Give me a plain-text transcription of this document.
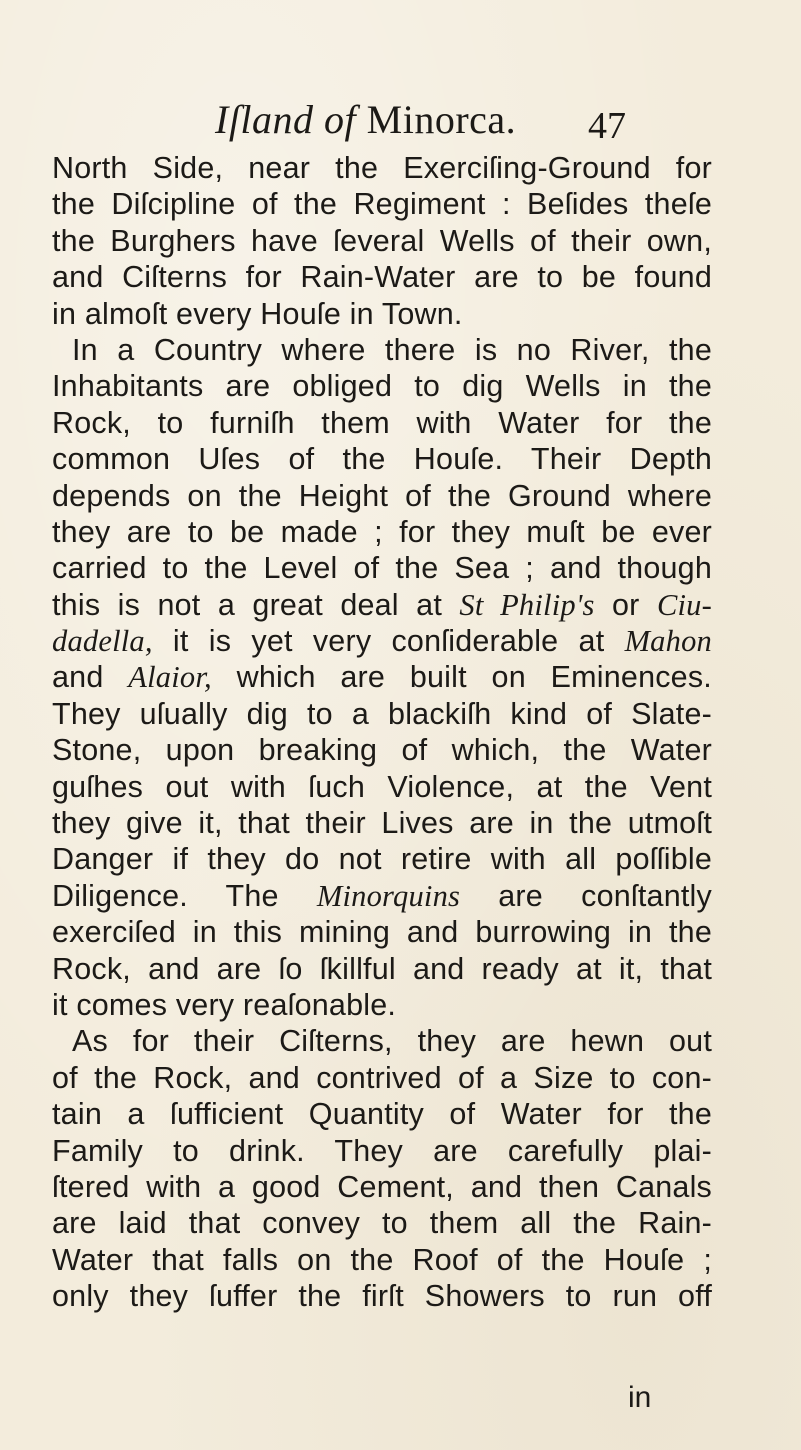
Iſland of Minorca. 47
North Side, near the Exerciſing-Ground for
the Diſcipline of the Regiment : Beſides theſe
the Burghers have ſeveral Wells of their own,
and Ciſterns for Rain-Water are to be found
in almoſt every Houſe in Town.
In a Country where there is no River, the
Inhabitants are obliged to dig Wells in the
Rock, to furniſh them with Water for the
common Uſes of the Houſe. Their Depth
depends on the Height of the Ground where
they are to be made ; for they muſt be ever
carried to the Level of the Sea ; and though
this is not a great deal at St Philip's or Ciu-
dadella, it is yet very conſiderable at Mahon
and Alaior, which are built on Eminences.
They uſually dig to a blackiſh kind of Slate-
Stone, upon breaking of which, the Water
guſhes out with ſuch Violence, at the Vent
they give it, that their Lives are in the utmoſt
Danger if they do not retire with all poſſible
Diligence. The Minorquins are conſtantly
exerciſed in this mining and burrowing in the
Rock, and are ſo ſkillful and ready at it, that
it comes very reaſonable.
As for their Ciſterns, they are hewn out
of the Rock, and contrived of a Size to con-
tain a ſufficient Quantity of Water for the
Family to drink. They are carefully plai-
ſtered with a good Cement, and then Canals
are laid that convey to them all the Rain-
Water that falls on the Roof of the Houſe ;
only they ſuffer the firſt Showers to run off
in
